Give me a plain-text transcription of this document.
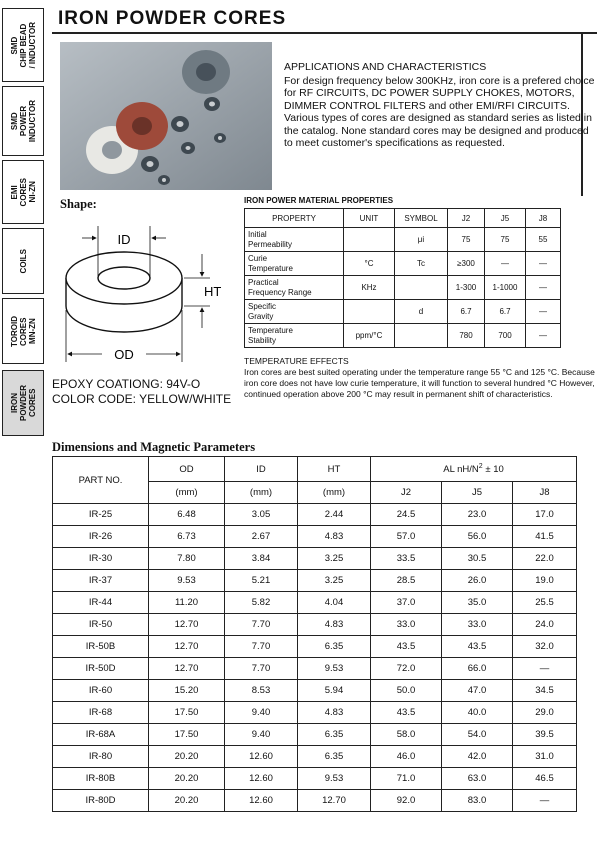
SMD
CHIP BEAD
/ INDUCTOR
SMD
POWER
INDUCTOR
EMI
CORES
NI-ZN
COILS
TOROID
CORES
MN-ZN
IRON
POWDER
CORES
IRON POWDER CORES
APPLICATIONS AND CHARACTERISTICS
For design frequency below 300KHz, iron core is a prefered choice for RF CIRCUITS, DC POWER SUPPLY CHOKES, MOTORS, DIMMER CONTROL FILTERS and other EMI/RFI CIRCUITS. Various types of cores are designed as standard series as listed in the catalog. None standard cores may be designed and produced to meet customer's specifications as requested.
Shape:
ID
HT
OD
EPOXY COATIONG: 94V-O
COLOR CODE: YELLOW/WHITE
IRON POWER MATERIAL PROPERTIES
PROPERTY	UNIT	SYMBOL	J2	J5	J8
Initial
Permeability		μi	75	75	55
Curie
Temperature	°C	Tc	≥300	—	—
Practical
Frequency Range	KHz		1-300	1-1000	—
Specific
Gravity		d	6.7	6.7	—
Temperature
Stability	ppm/°C		780	700	—
TEMPERATURE EFFECTS
Iron cores are best suited operating under the temperature range 55 °C and 125 °C. Because iron core does not have low curie temperature, it will function to several hundred °C However, continued operation above 200 °C may result in permanent shift of characteristics.
Dimensions and Magnetic Parameters
PART NO.	OD	ID	HT	AL $nH/N^2 \pm 10$		
	(mm)	(mm)	(mm)	J2	J5	J8
IR-25	6.48	3.05	2.44	24.5	23.0	17.0
IR-26	6.73	2.67	4.83	57.0	56.0	41.5
IR-30	7.80	3.84	3.25	33.5	30.5	22.0
IR-37	9.53	5.21	3.25	28.5	26.0	19.0
IR-44	11.20	5.82	4.04	37.0	35.0	25.5
IR-50	12.70	7.70	4.83	33.0	33.0	24.0
IR-50B	12.70	7.70	6.35	43.5	43.5	32.0
IR-50D	12.70	7.70	9.53	72.0	66.0	—
IR-60	15.20	8.53	5.94	50.0	47.0	34.5
IR-68	17.50	9.40	4.83	43.5	40.0	29.0
IR-68A	17.50	9.40	6.35	58.0	54.0	39.5
IR-80	20.20	12.60	6.35	46.0	42.0	31.0
IR-80B	20.20	12.60	9.53	71.0	63.0	46.5
IR-80D	20.20	12.60	12.70	92.0	83.0	—
